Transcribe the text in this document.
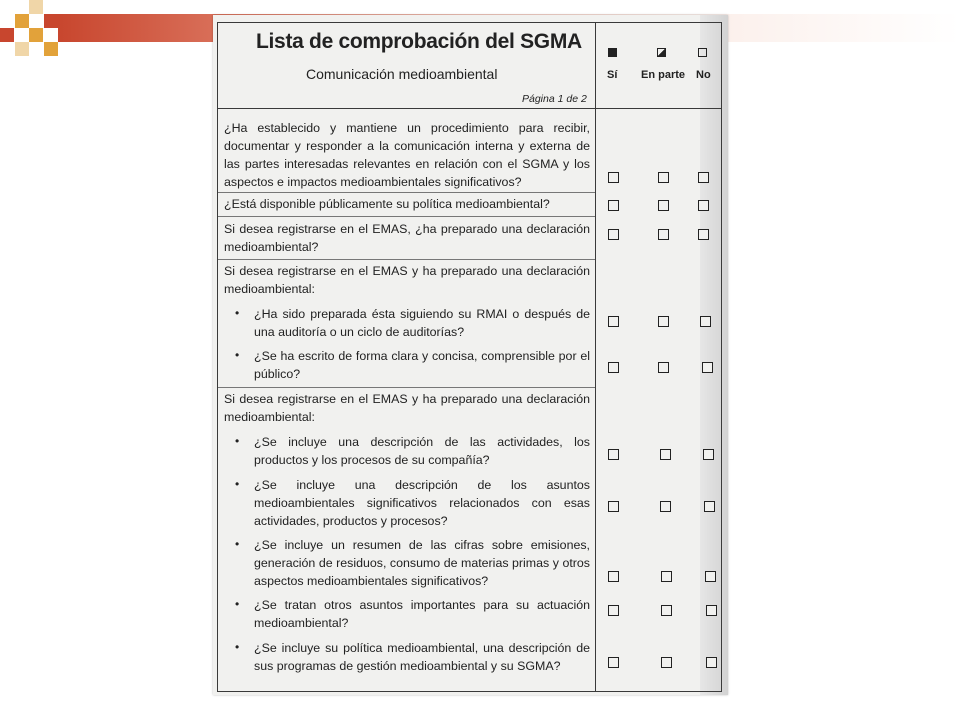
Lista de comprobación del SGMA
Comunicación medioambiental
Página 1 de 2
Sí En parte No
¿Ha establecido y mantiene un procedimiento para recibir, documentar y responder a la comunicación interna y externa de las partes interesadas relevantes en relación con el SGMA y los aspectos e impactos medioambientales significativos?
¿Está disponible públicamente su política medioambiental?
Si desea registrarse en el EMAS, ¿ha preparado una declaración medioambiental?
Si desea registrarse en el EMAS y ha preparado una declaración medioambiental:
• ¿Ha sido preparada ésta siguiendo su RMAI o después de una auditoría o un ciclo de auditorías?
• ¿Se ha escrito de forma clara y concisa, comprensible por el público?
Si desea registrarse en el EMAS y ha preparado una declaración medioambiental:
• ¿Se incluye una descripción de las actividades, los productos y los procesos de su compañía?
• ¿Se incluye una descripción de los asuntos medioambientales significativos relacionados con esas actividades, productos y procesos?
• ¿Se incluye un resumen de las cifras sobre emisiones, generación de residuos, consumo de materias primas y otros aspectos medioambientales significativos?
• ¿Se tratan otros asuntos importantes para su actuación medioambiental?
• ¿Se incluye su política medioambiental, una descripción de sus programas de gestión medioambiental y su SGMA?
